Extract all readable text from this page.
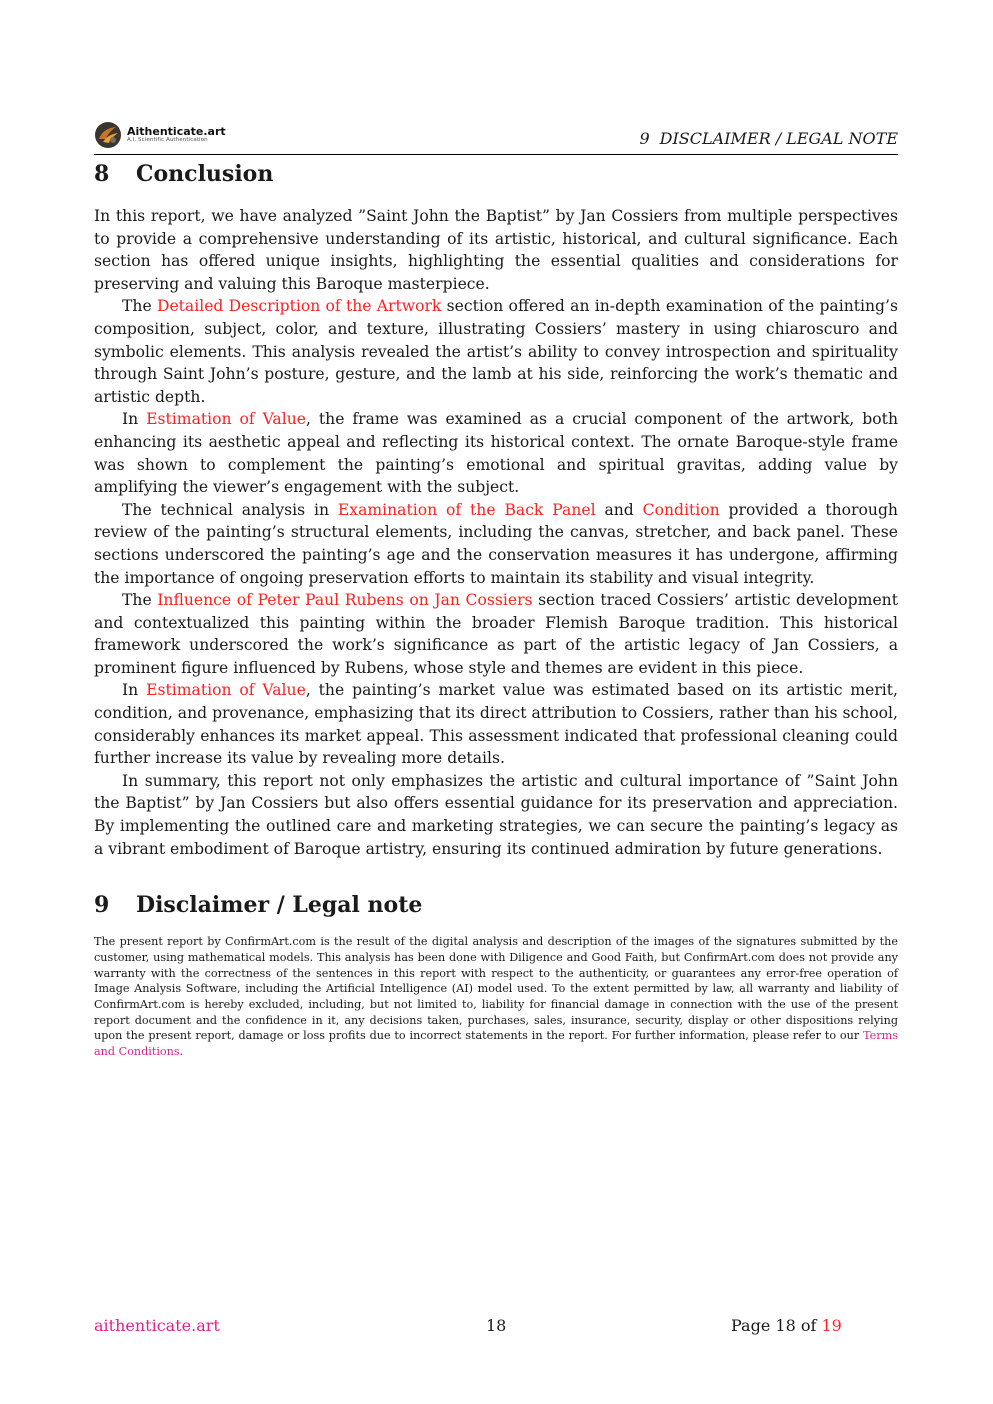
Aithenticate.art
A.I. Scientific Authentication	9 DISCLAIMER / LEGAL NOTE
8 Conclusion

In this report, we have analyzed ”Saint John the Baptist” by Jan Cossiers from multiple perspectives to provide a comprehensive understanding of its artistic, historical, and cultural significance. Each section has offered unique insights, highlighting the essential qualities and considerations for preserving and valuing this Baroque masterpiece.

The Detailed Description of the Artwork section offered an in-depth examination of the painting’s composition, subject, color, and texture, illustrating Cossiers’ mastery in using chiaroscuro and symbolic elements. This analysis revealed the artist’s ability to convey introspection and spirituality through Saint John’s posture, gesture, and the lamb at his side, reinforcing the work’s thematic and artistic depth.

In Estimation of Value, the frame was examined as a crucial component of the artwork, both enhancing its aesthetic appeal and reflecting its historical context. The ornate Baroque-style frame was shown to complement the painting’s emotional and spiritual gravitas, adding value by amplifying the viewer’s engagement with the subject.

The technical analysis in Examination of the Back Panel and Condition provided a thorough review of the painting’s structural elements, including the canvas, stretcher, and back panel. These sections underscored the painting’s age and the conservation measures it has undergone, affirming the importance of ongoing preservation efforts to maintain its stability and visual integrity.

The Influence of Peter Paul Rubens on Jan Cossiers section traced Cossiers’ artistic development and contextualized this painting within the broader Flemish Baroque tradition. This historical framework underscored the work’s significance as part of the artistic legacy of Jan Cossiers, a prominent figure influenced by Rubens, whose style and themes are evident in this piece.

In Estimation of Value, the painting’s market value was estimated based on its artistic merit, condition, and provenance, emphasizing that its direct attribution to Cossiers, rather than his school, considerably enhances its market appeal. This assessment indicated that professional cleaning could further increase its value by revealing more details.

In summary, this report not only emphasizes the artistic and cultural importance of ”Saint John the Baptist” by Jan Cossiers but also offers essential guidance for its preservation and appreciation. By implementing the outlined care and marketing strategies, we can secure the painting’s legacy as a vibrant embodiment of Baroque artistry, ensuring its continued admiration by future generations.

9 Disclaimer / Legal note
The present report by ConfirmArt.com is the result of the digital analysis and description of the images of the signatures submitted by the customer, using mathematical models. This analysis has been done with Diligence and Good Faith, but ConfirmArt.com does not provide any warranty with the correctness of the sentences in this report with respect to the authenticity, or guarantees any error-free operation of Image Analysis Software, including the Artificial Intelligence (AI) model used. To the extent permitted by law, all warranty and liability of ConfirmArt.com is hereby excluded, including, but not limited to, liability for financial damage in connection with the use of the present report document and the confidence in it, any decisions taken, purchases, sales, insurance, security, display or other dispositions relying upon the present report, damage or loss profits due to incorrect statements in the report. For further information, please refer to our Terms and Conditions.
aithenticate.art	18	Page 18 of 19
